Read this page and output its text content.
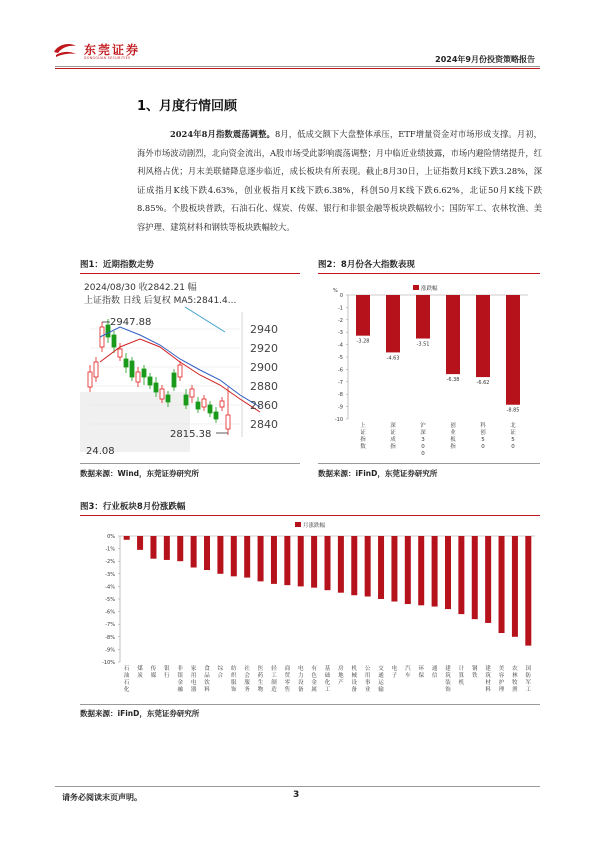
东莞证券
DONGGUAN SECURITIES	2024年9月份投资策略报告
1、月度行情回顾
2024年8月指数震荡调整。8月，低成交额下大盘整体承压，ETF增量资金对市场形成支撑。月初，海外市场波动剧烈，北向资金流出，A股市场受此影响震荡调整；月中临近业绩披露，市场内避险情绪提升，红利风格占优；月末美联储降息逐步临近，成长板块有所表现。截止8月30日，上证指数月K线下跌3.28%，深证成指月K线下跌4.63%，创业板指月K线下跌6.38%，科创50月K线下跌6.62%，北证50月K线下跌8.85%。个股板块普跌，石油石化、煤炭、传媒、银行和非银金融等板块跌幅较小；国防军工、农林牧渔、美容护理、建筑材料和钢铁等板块跌幅较大。
图1：近期指数走势
2024/08/30 收2842.21 幅
上证指数 日线 后复权 MA5:2841.4...
2947.88
2815.38
24.08
2940
2920
2900
2880
2860
2840
数据来源：Wind，东莞证券研究所
图2：8月份各大指数表现
涨跌幅
%
0
-1
-2
-3
-4
-5
-6
-7
-8
-9
-10
-3.28
上
证
指
数
-4.63
深
证
成
指
-3.51
沪
深
3
0
0
-6.38
创
业
板
指
-6.62
科
创
5
0
-8.85
北
证
5
0
数据来源：iFinD，东莞证券研究所
图3：行业板块8月份涨跌幅
月涨跌幅
0%
-1%
-2%
-3%
-4%
-5%
-6%
-7%
-8%
-9%
-10%
石
油
石
化
煤
炭
传
媒
银
行
非
银
金
融
家
用
电
器
食
品
饮
料
综
合
纺
织
服
饰
社
会
服
务
医
药
生
物
轻
工
制
造
商
贸
零
售
电
力
设
备
有
色
金
属
基
础
化
工
房
地
产
机
械
设
备
公
用
事
业
交
通
运
输
电
子
汽
车
环
保
通
信
建
筑
装
饰
计
算
机
钢
铁
建
筑
材
料
美
容
护
理
农
林
牧
渔
国
防
军
工
数据来源：iFinD，东莞证券研究所
请务必阅读末页声明。	3
